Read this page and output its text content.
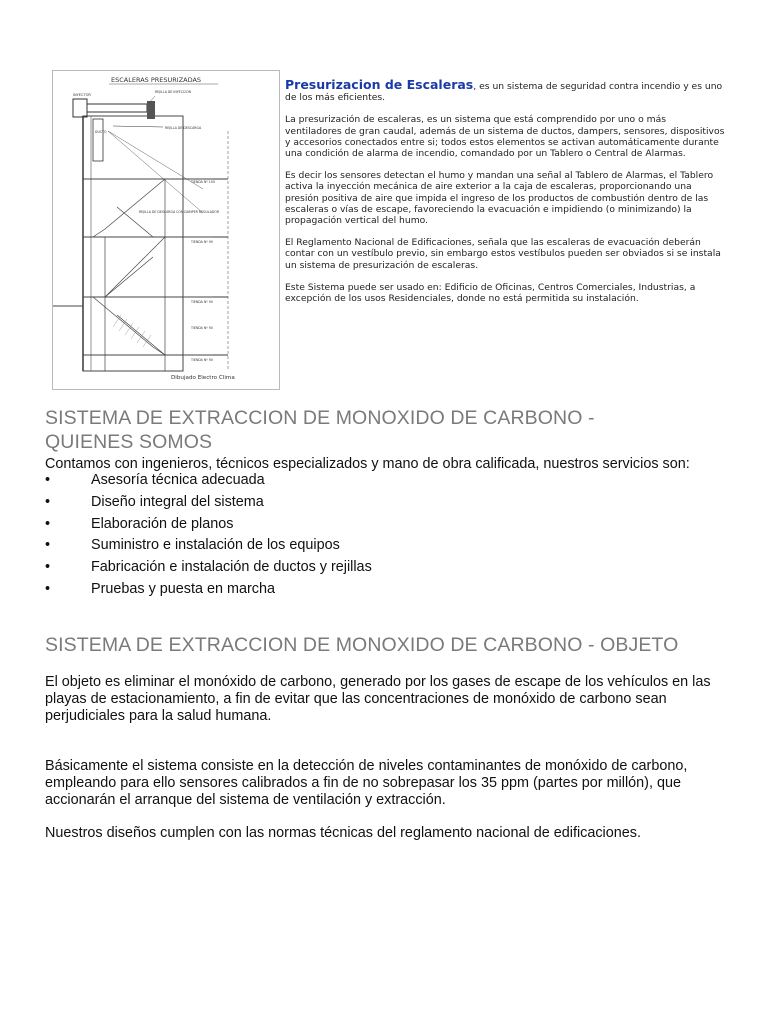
ESCALERAS PRESURIZADAS
INYECTOR
REJILLA DE INYECCION
DUCTO
REJILLA DE DESCARGA
REJILLA DE DESCARGA CON DAMPER REGULADOR
TIENDA Nº 100
TIENDA Nº 90
TIENDA Nº 90
TIENDA Nº 90
TIENDA Nº 90
Dibujado Electro Clima

Presurizacion de Escaleras, es un sistema de seguridad contra incendio y es uno de los más eficientes.

La presurización de escaleras, es un sistema que está comprendido por uno o más ventiladores de gran caudal, además de un sistema de ductos, dampers, sensores, dispositivos y accesorios conectados entre si; todos estos elementos se activan automáticamente durante una condición de alarma de incendio, comandado por un Tablero o Central de Alarmas.

Es decir los sensores detectan el humo y mandan una señal al Tablero de Alarmas, el Tablero activa la inyección mecánica de aire exterior a la caja de escaleras, proporcionando una presión positiva de aire que impida el ingreso de los productos de combustión dentro de las escaleras o vías de escape, favoreciendo la evacuación e impidiendo (o minimizando) la propagación vertical del humo.

El Reglamento Nacional de Edificaciones, señala que las escaleras de evacuación deberán contar con un vestíbulo previo, sin embargo estos vestíbulos pueden ser obviados si se instala un sistema de presurización de escaleras.

Este Sistema puede ser usado en: Edificio de Oficinas, Centros Comerciales, Industrias, a excepción de los usos Residenciales, donde no está permitida su instalación.

SISTEMA DE EXTRACCION DE MONOXIDO DE CARBONO - QUIENES SOMOS

Contamos con ingenieros, técnicos especializados y mano de obra calificada, nuestros servicios son:

•	Asesoría técnica adecuada
•	Diseño integral del sistema
•	Elaboración de planos
•	Suministro e instalación de los equipos
•	Fabricación e instalación de ductos y rejillas
•	Pruebas y puesta en marcha
SISTEMA DE EXTRACCION DE MONOXIDO DE CARBONO - OBJETO

El objeto es eliminar el monóxido de carbono, generado por los gases de escape de los vehículos en las playas de estacionamiento, a fin de evitar que las concentraciones de monóxido de carbono sean perjudiciales para la salud humana.

Básicamente el sistema consiste en la detección de niveles contaminantes de monóxido de carbono, empleando para ello sensores calibrados a fin de no sobrepasar los 35 ppm (partes por millón), que accionarán el arranque del sistema de ventilación y extracción.

Nuestros diseños cumplen con las normas técnicas del reglamento nacional de edificaciones.
